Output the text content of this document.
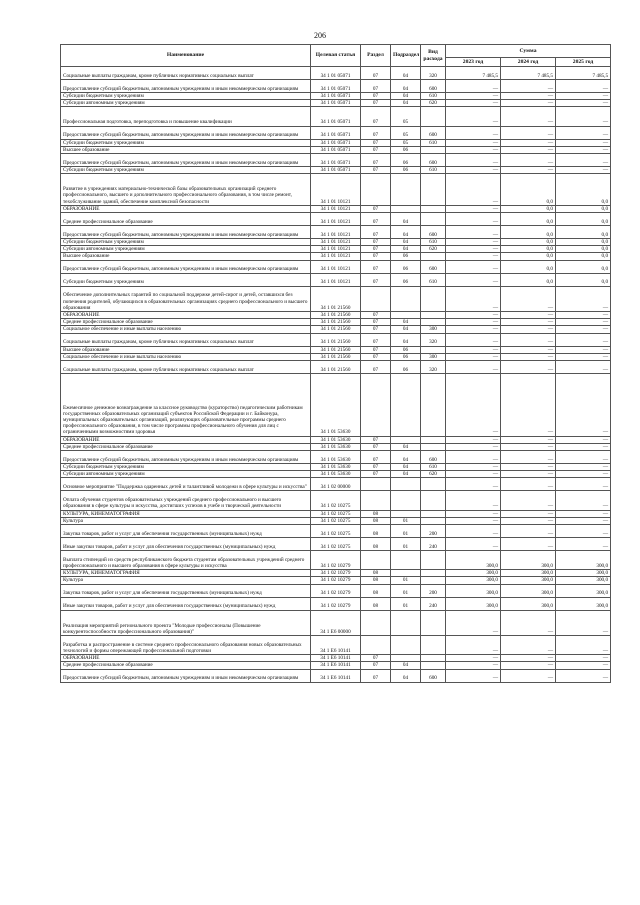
206
Наименование	Целевая статья	Раздел	Подраздел	Вид расхода	Сумма		
					2023 год	2024 год	2025 год
Социальные выплаты гражданам, кроме публичных нормативных социальных выплат	34 1 01 05071	07	04	320	7 485,5	7 485,5	7 485,5
Предоставление субсидий бюджетным, автономным учреждениям и иным некоммерческим организациям	34 1 01 05071	07	04	600	—	—	—
Субсидии бюджетным учреждениям	34 1 01 05071	07	04	610	—	—	—
Субсидии автономным учреждениям	34 1 01 05071	07	04	620	—	—	—
Профессиональная подготовка, переподготовка и повышение квалификации	34 1 01 05071	07	05		—	—	—
Предоставление субсидий бюджетным, автономным учреждениям и иным некоммерческим организациям	34 1 01 05071	07	05	600	—	—	—
Субсидии бюджетным учреждениям	34 1 01 05071	07	05	610	—	—	—
Высшее образование	34 1 01 05071	07	06		—	—	—
Предоставление субсидий бюджетным, автономным учреждениям и иным некоммерческим организациям	34 1 01 05071	07	06	600	—	—	—
Субсидии бюджетным учреждениям	34 1 01 05071	07	06	610	—	—	—
Развитие в учреждениях материально-технической базы образовательных организаций среднего профессионального, высшего и дополнительного профессионального образования, в том числе ремонт, техобслуживание зданий, обеспечение комплексной безопасности	34 1 01 10121				—	0,0	0,0
ОБРАЗОВАНИЕ	34 1 01 10121	07			—	0,0	0,0
Среднее профессиональное образование	34 1 01 10121	07	04		—	0,0	0,0
Предоставление субсидий бюджетным, автономным учреждениям и иным некоммерческим организациям	34 1 01 10121	07	04	600	—	0,0	0,0
Субсидии бюджетным учреждениям	34 1 01 10121	07	04	610	—	0,0	0,0
Субсидии автономным учреждениям	34 1 01 10121	07	04	620	—	0,0	0,0
Высшее образование	34 1 01 10121	07	06		—	0,0	0,0
Предоставление субсидий бюджетным, автономным учреждениям и иным некоммерческим организациям	34 1 01 10121	07	06	600	—	0,0	0,0
Субсидии бюджетным учреждениям	34 1 01 10121	07	06	610	—	0,0	0,0
Обеспечение дополнительных гарантий по социальной поддержке детей-сирот и детей, оставшихся без попечения родителей, обучающихся в образовательных организациях среднего профессионального и высшего образования	34 1 01 21560				—	—	—
ОБРАЗОВАНИЕ	34 1 01 21560	07			—	—	—
Среднее профессиональное образование	34 1 01 21560	07	04		—	—	—
Социальное обеспечение и иные выплаты населению	34 1 01 21560	07	04	300	—	—	—
Социальные выплаты гражданам, кроме публичных нормативных социальных выплат	34 1 01 21560	07	04	320	—	—	—
Высшее образование	34 1 01 21560	07	06		—	—	—
Социальное обеспечение и иные выплаты населению	34 1 01 21560	07	06	300	—	—	—
Социальные выплаты гражданам, кроме публичных нормативных социальных выплат	34 1 01 21560	07	06	320	—	—	—
Ежемесячное денежное вознаграждение за классное руководство (кураторство) педагогическим работникам государственных образовательных организаций субъектов Российской Федерации и г. Байконура, муниципальных образовательных организаций, реализующих образовательные программы среднего профессионального образования, в том числе программы профессионального обучения для лиц с ограниченными возможностями здоровья	34 1 01 53630				—	—	—
ОБРАЗОВАНИЕ	34 1 01 53630	07			—	—	—
Среднее профессиональное образование	34 1 01 53630	07	04		—	—	—
Предоставление субсидий бюджетным, автономным учреждениям и иным некоммерческим организациям	34 1 01 53630	07	04	600	—	—	—
Субсидии бюджетным учреждениям	34 1 01 53630	07	04	610	—	—	—
Субсидии автономным учреждениям	34 1 01 53630	07	04	620	—	—	—
Основное мероприятие "Поддержка одаренных детей и талантливой молодежи в сфере культуры и искусства"	34 1 02 00000				—	—	—
Оплата обучения студентов образовательных учреждений среднего профессионального и высшего образования в сфере культуры и искусства, достигших успехов в учебе и творческой деятельности	34 1 02 10275				—	—	—
КУЛЬТУРА, КИНЕМАТОГРАФИЯ	34 1 02 10275	08			—	—	—
Культура	34 1 02 10275	08	01		—	—	—
Закупка товаров, работ и услуг для обеспечения государственных (муниципальных) нужд	34 1 02 10275	08	01	200	—	—	—
Иные закупки товаров, работ и услуг для обеспечения государственных (муниципальных) нужд	34 1 02 10275	08	01	240	—	—	—
Выплата стипендий из средств республиканского бюджета студентам образовательных учреждений среднего профессионального и высшего образования в сфере культуры и искусства	34 1 02 10279				300,0	300,0	300,0
КУЛЬТУРА, КИНЕМАТОГРАФИЯ	34 1 02 10279	08			300,0	300,0	300,0
Культура	34 1 02 10279	08	01		300,0	300,0	300,0
Закупка товаров, работ и услуг для обеспечения государственных (муниципальных) нужд	34 1 02 10279	08	01	200	300,0	300,0	300,0
Иные закупки товаров, работ и услуг для обеспечения государственных (муниципальных) нужд	34 1 02 10279	08	01	240	300,0	300,0	300,0
Реализация мероприятий регионального проекта "Молодые профессионалы (Повышение конкурентоспособности профессионального образования)"	34 1 E6 00000				—	—	—
Разработка и распространение в системе среднего профессионального образования новых образовательных технологий и формы опережающей профессиональной подготовки	34 1 E6 10141				—	—	—
ОБРАЗОВАНИЕ	34 1 E6 10141	07			—	—	—
Среднее профессиональное образование	34 1 E6 10141	07	04		—	—	—
Предоставление субсидий бюджетным, автономным учреждениям и иным некоммерческим организациям	34 1 E6 10141	07	04	600	—	—	—
